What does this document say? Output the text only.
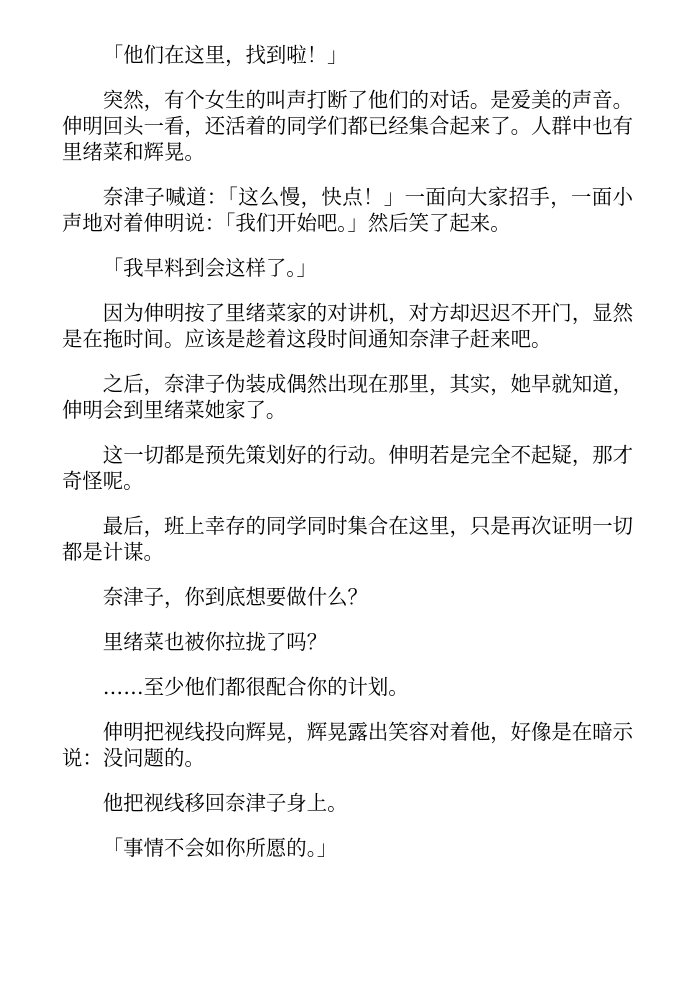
「他们在这里，找到啦！」

突然，有个女生的叫声打断了他们的对话。是爱美的声音。伸明回头一看，还活着的同学们都已经集合起来了。人群中也有里绪菜和辉晃。

奈津子喊道：「这么慢，快点！」一面向大家招手，一面小声地对着伸明说：「我们开始吧。」然后笑了起来。

「我早料到会这样了。」

因为伸明按了里绪菜家的对讲机，对方却迟迟不开门，显然是在拖时间。应该是趁着这段时间通知奈津子赶来吧。

之后，奈津子伪装成偶然出现在那里，其实，她早就知道，伸明会到里绪菜她家了。

这一切都是预先策划好的行动。伸明若是完全不起疑，那才奇怪呢。

最后，班上幸存的同学同时集合在这里，只是再次证明一切都是计谋。

奈津子，你到底想要做什么？

里绪菜也被你拉拢了吗？

……至少他们都很配合你的计划。

伸明把视线投向辉晃，辉晃露出笑容对着他，好像是在暗示说：没问题的。

他把视线移回奈津子身上。

「事情不会如你所愿的。」
